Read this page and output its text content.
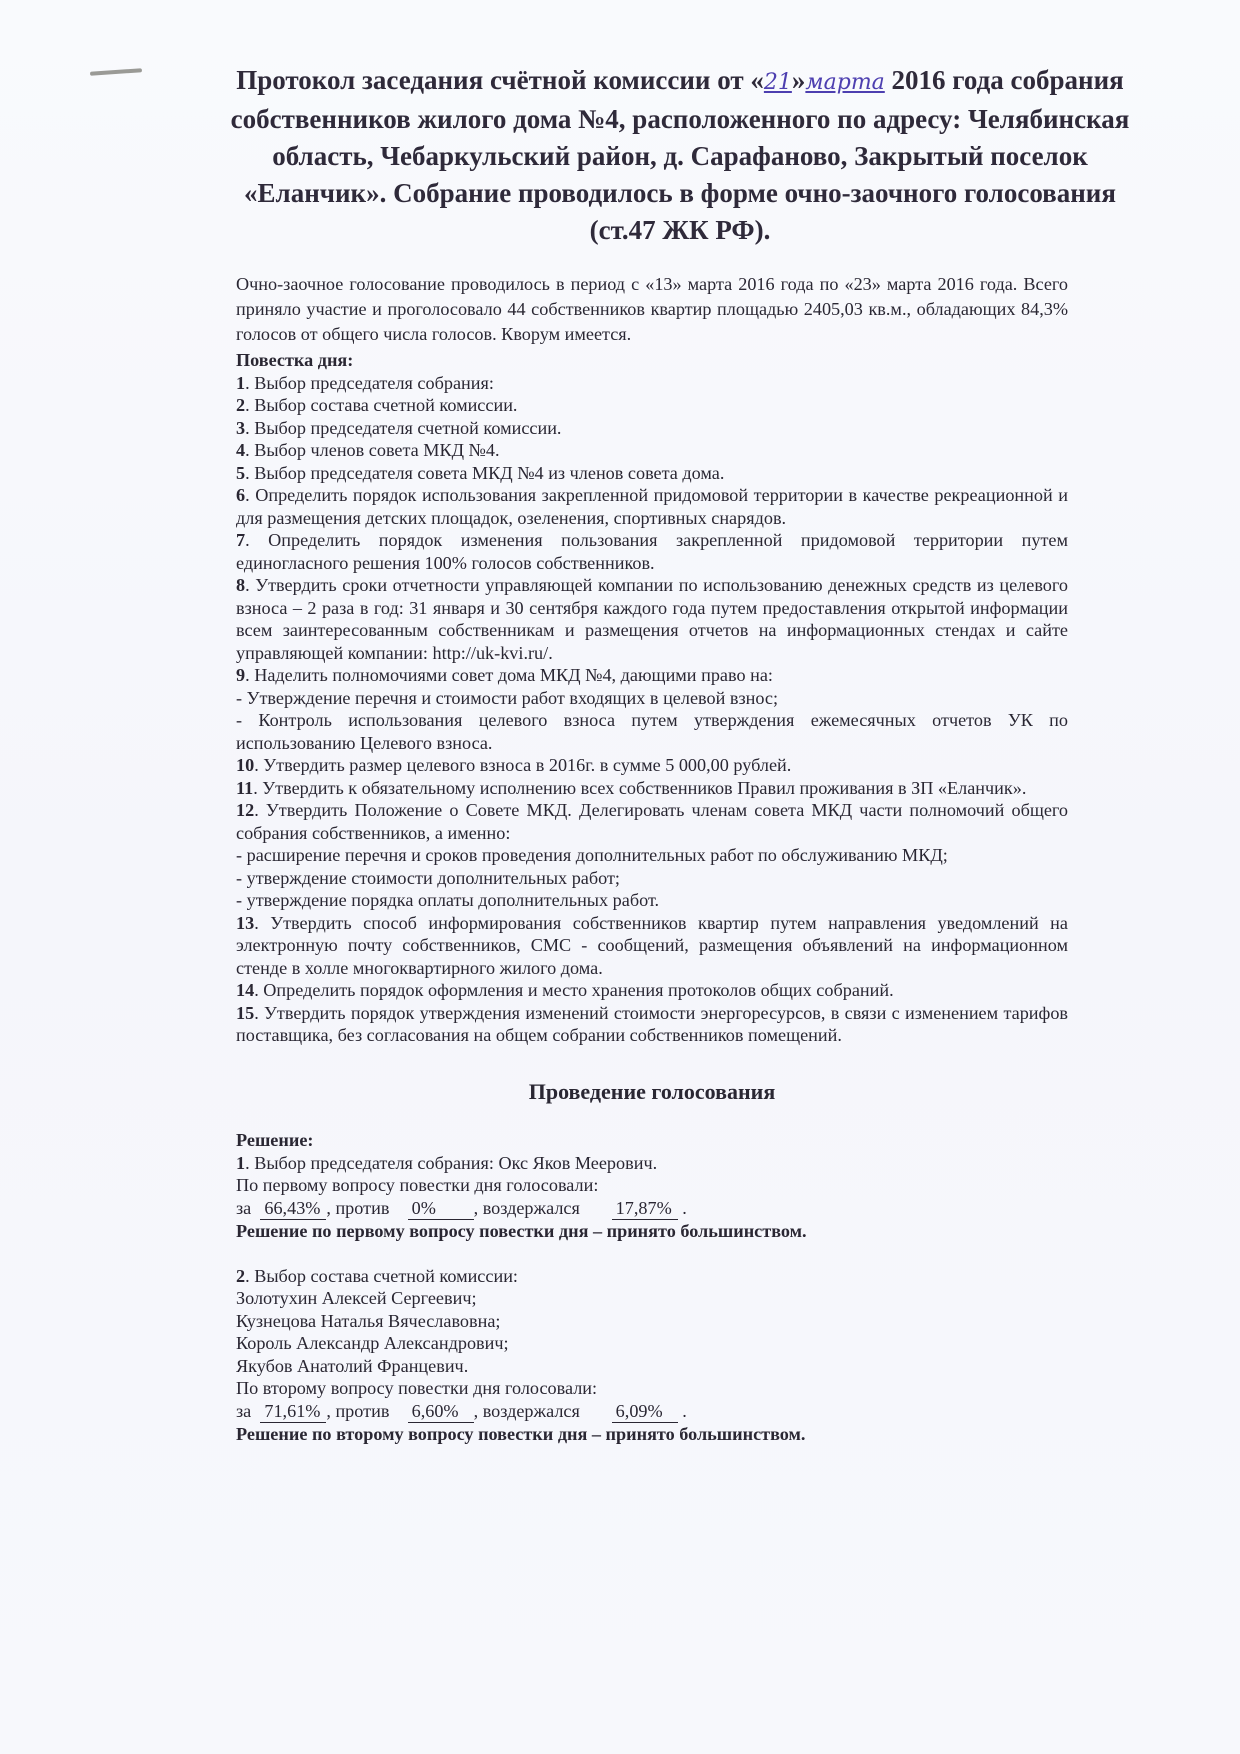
Протокол заседания счётной комиссии от «21»марта 2016 года собрания собственников жилого дома №4, расположенного по адресу: Челябинская область, Чебаркульский район, д. Сарафаново, Закрытый поселок «Еланчик». Собрание проводилось в форме очно-заочного голосования (ст.47 ЖК РФ).

Очно-заочное голосование проводилось в период с «13» марта 2016 года по «23» марта 2016 года. Всего приняло участие и проголосовало 44 собственников квартир площадью 2405,03 кв.м., обладающих 84,3% голосов от общего числа голосов. Кворум имеется.

Повестка дня:

1. Выбор председателя собрания:

2. Выбор состава счетной комиссии.

3. Выбор председателя счетной комиссии.

4. Выбор членов совета МКД №4.

5. Выбор председателя совета МКД №4 из членов совета дома.

6. Определить порядок использования закрепленной придомовой территории в качестве рекреационной и для размещения детских площадок, озеленения, спортивных снарядов.

7. Определить порядок изменения пользования закрепленной придомовой территории путем единогласного решения 100% голосов собственников.

8. Утвердить сроки отчетности управляющей компании по использованию денежных средств из целевого взноса – 2 раза в год: 31 января и 30 сентября каждого года путем предоставления открытой информации всем заинтересованным собственникам и размещения отчетов на информационных стендах и сайте управляющей компании: http://uk-kvi.ru/.

9. Наделить полномочиями совет дома МКД №4, дающими право на:

- Утверждение перечня и стоимости работ входящих в целевой взнос;

- Контроль использования целевого взноса путем утверждения ежемесячных отчетов УК по использованию Целевого взноса.

10. Утвердить размер целевого взноса в 2016г. в сумме 5 000,00 рублей.

11. Утвердить к обязательному исполнению всех собственников Правил проживания в ЗП «Еланчик».

12. Утвердить Положение о Совете МКД. Делегировать членам совета МКД части полномочий общего собрания собственников, а именно:

- расширение перечня и сроков проведения дополнительных работ по обслуживанию МКД;

- утверждение стоимости дополнительных работ;

- утверждение порядка оплаты дополнительных работ.

13. Утвердить способ информирования собственников квартир путем направления уведомлений на электронную почту собственников, СМС - сообщений, размещения объявлений на информационном стенде в холле многоквартирного жилого дома.

14. Определить порядок оформления и место хранения протоколов общих собраний.

15. Утвердить порядок утверждения изменений стоимости энергоресурсов, в связи с изменением тарифов поставщика, без согласования на общем собрании собственников помещений.

Проведение голосования

Решение:

1. Выбор председателя собрания: Окс Яков Меерович.

По первому вопросу повестки дня голосовали:

за 66,43% , против 0% , воздержался 17,87% .

Решение по первому вопросу повестки дня – принято большинством.

2. Выбор состава счетной комиссии:

Золотухин Алексей Сергеевич;

Кузнецова Наталья Вячеславовна;

Король Александр Александрович;

Якубов Анатолий Францевич.

По второму вопросу повестки дня голосовали:

за 71,61% , против 6,60% , воздержался 6,09% .

Решение по второму вопросу повестки дня – принято большинством.
